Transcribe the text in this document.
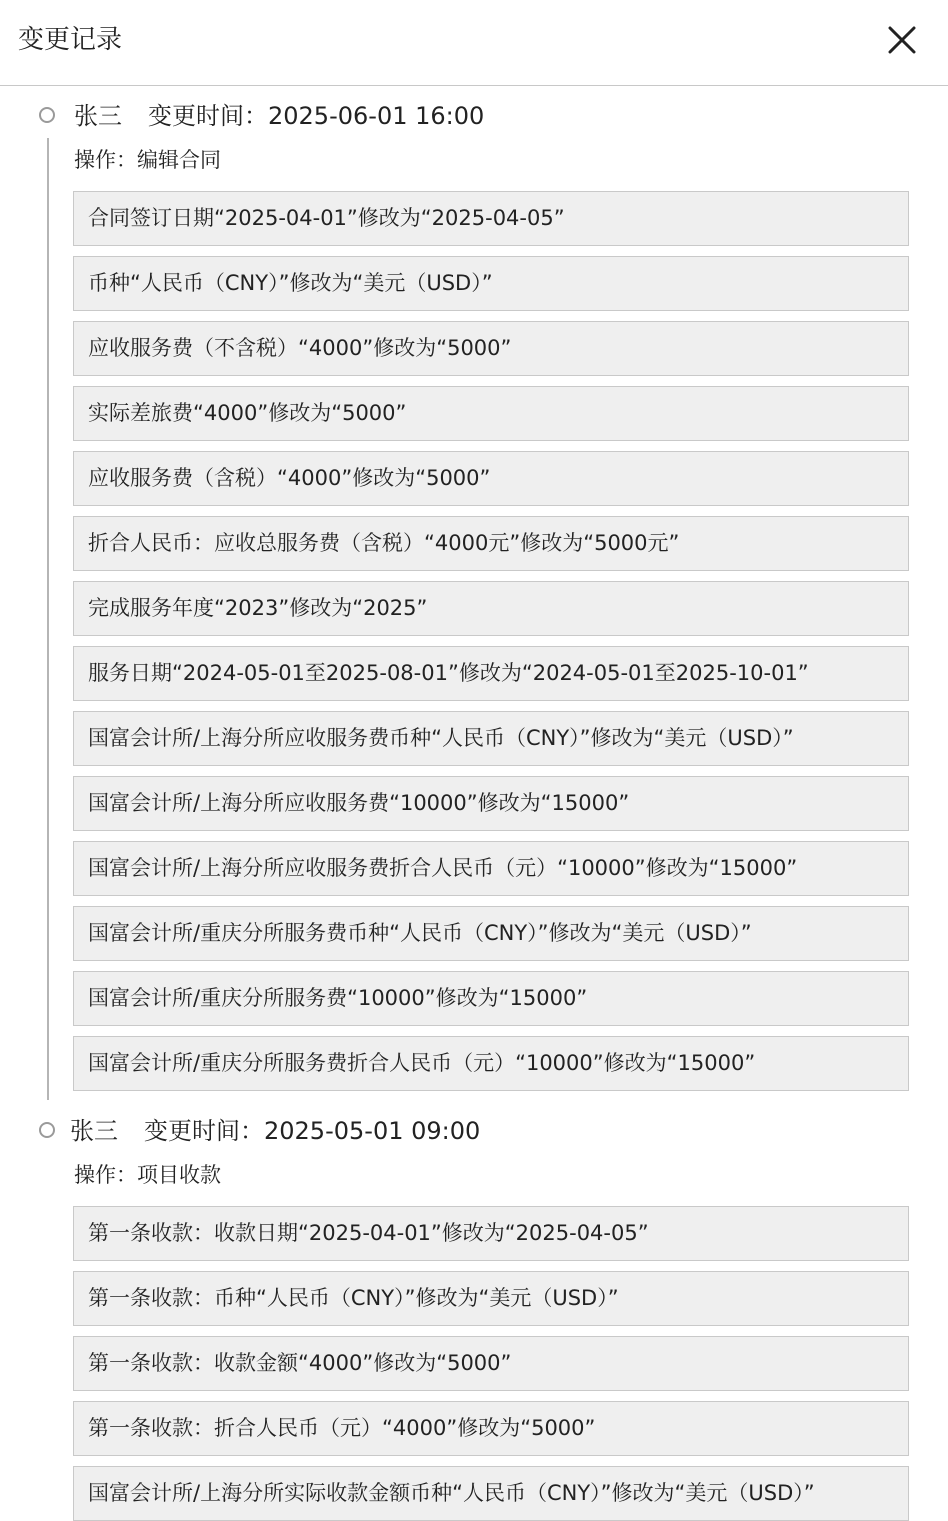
变更记录
张三 变更时间：2025-06-01 16:00
操作：编辑合同
合同签订日期“2025-04-01”修改为“2025-04-05”
币种“人民币（CNY）”修改为“美元（USD）”
应收服务费（不含税）“4000”修改为“5000”
实际差旅费“4000”修改为“5000”
应收服务费（含税）“4000”修改为“5000”
折合人民币：应收总服务费（含税）“4000元”修改为“5000元”
完成服务年度“2023”修改为“2025”
服务日期“2024-05-01至2025-08-01”修改为“2024-05-01至2025-10-01”
国富会计所/上海分所应收服务费币种“人民币（CNY）”修改为“美元（USD）”
国富会计所/上海分所应收服务费“10000”修改为“15000”
国富会计所/上海分所应收服务费折合人民币（元）“10000”修改为“15000”
国富会计所/重庆分所服务费币种“人民币（CNY）”修改为“美元（USD）”
国富会计所/重庆分所服务费“10000”修改为“15000”
国富会计所/重庆分所服务费折合人民币（元）“10000”修改为“15000”
张三 变更时间：2025-05-01 09:00
操作：项目收款
第一条收款：收款日期“2025-04-01”修改为“2025-04-05”
第一条收款：币种“人民币（CNY）”修改为“美元（USD）”
第一条收款：收款金额“4000”修改为“5000”
第一条收款：折合人民币（元）“4000”修改为“5000”
国富会计所/上海分所实际收款金额币种“人民币（CNY）”修改为“美元（USD）”
